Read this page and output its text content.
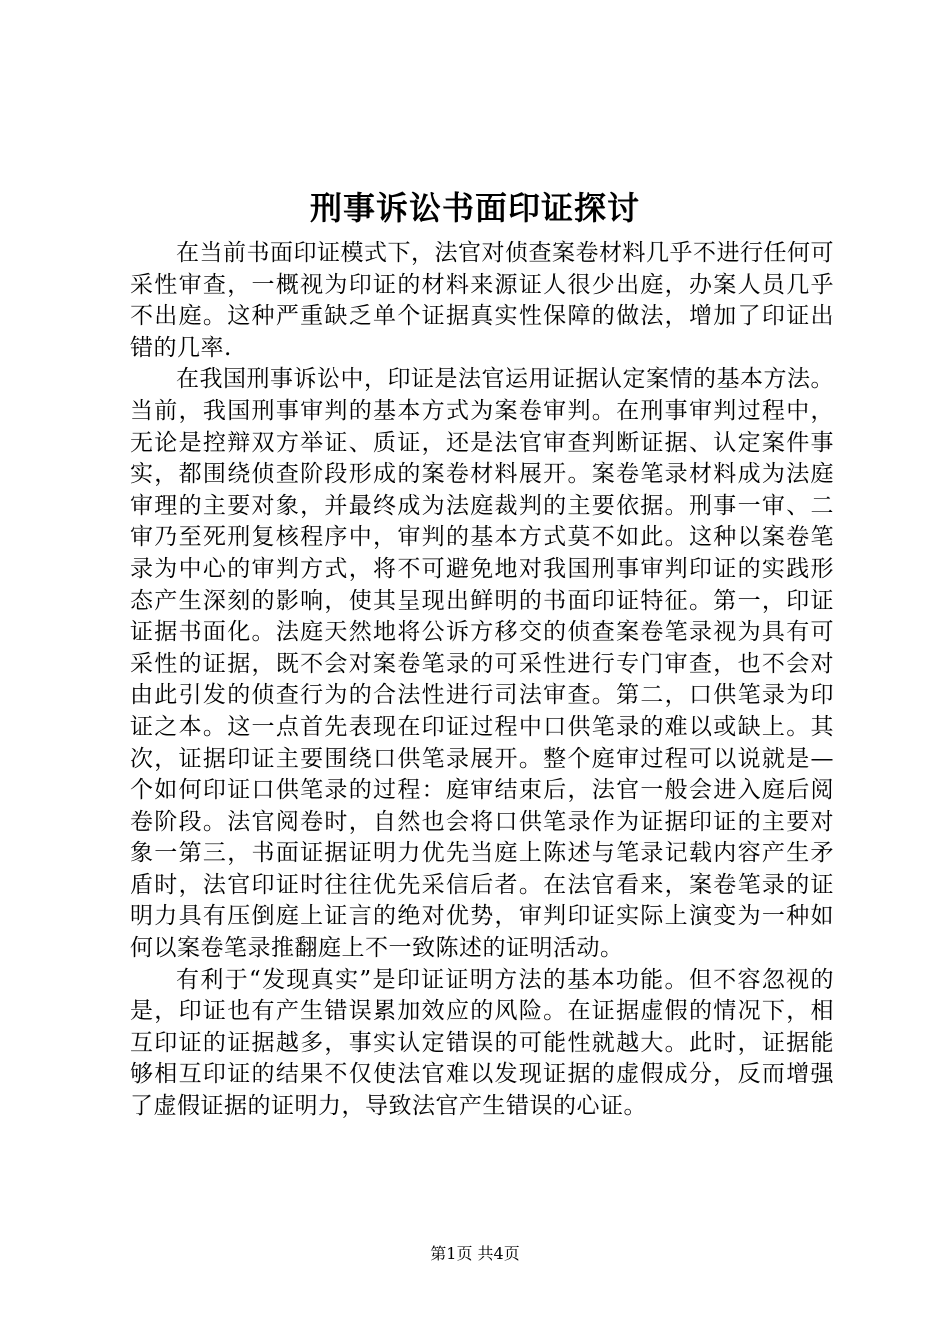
刑事诉讼书面印证探讨

在当前书面印证模式下，法官对侦查案卷材料几乎不进行任何可采性审查，一概视为印证的材料来源证人很少出庭，办案人员几乎不出庭。这种严重缺乏单个证据真实性保障的做法，增加了印证出错的几率.

在我国刑事诉讼中，印证是法官运用证据认定案情的基本方法。当前，我国刑事审判的基本方式为案卷审判。在刑事审判过程中，无论是控辩双方举证、质证，还是法官审查判断证据、认定案件事实，都围绕侦查阶段形成的案卷材料展开。案卷笔录材料成为法庭审理的主要对象，并最终成为法庭裁判的主要依据。刑事一审、二审乃至死刑复核程序中，审判的基本方式莫不如此。这种以案卷笔录为中心的审判方式，将不可避免地对我国刑事审判印证的实践形态产生深刻的影响，使其呈现出鲜明的书面印证特征。第一，印证证据书面化。法庭天然地将公诉方移交的侦查案卷笔录视为具有可采性的证据，既不会对案卷笔录的可采性进行专门审查，也不会对由此引发的侦查行为的合法性进行司法审查。第二，口供笔录为印证之本。这一点首先表现在印证过程中口供笔录的难以或缺上。其次，证据印证主要围绕口供笔录展开。整个庭审过程可以说就是—个如何印证口供笔录的过程：庭审结束后，法官一般会进入庭后阅卷阶段。法官阅卷时，自然也会将口供笔录作为证据印证的主要对象一第三，书面证据证明力优先当庭上陈述与笔录记载内容产生矛盾时，法官印证时往往优先采信后者。在法官看来，案卷笔录的证明力具有压倒庭上证言的绝对优势，审判印证实际上演变为一种如何以案卷笔录推翻庭上不一致陈述的证明活动。

有利于“发现真实”是印证证明方法的基本功能。但不容忽视的是，印证也有产生错误累加效应的风险。在证据虚假的情况下，相互印证的证据越多，事实认定错误的可能性就越大。此时，证据能够相互印证的结果不仅使法官难以发现证据的虚假成分，反而增强了虚假证据的证明力，导致法官产生错误的心证。

第1页 共4页
